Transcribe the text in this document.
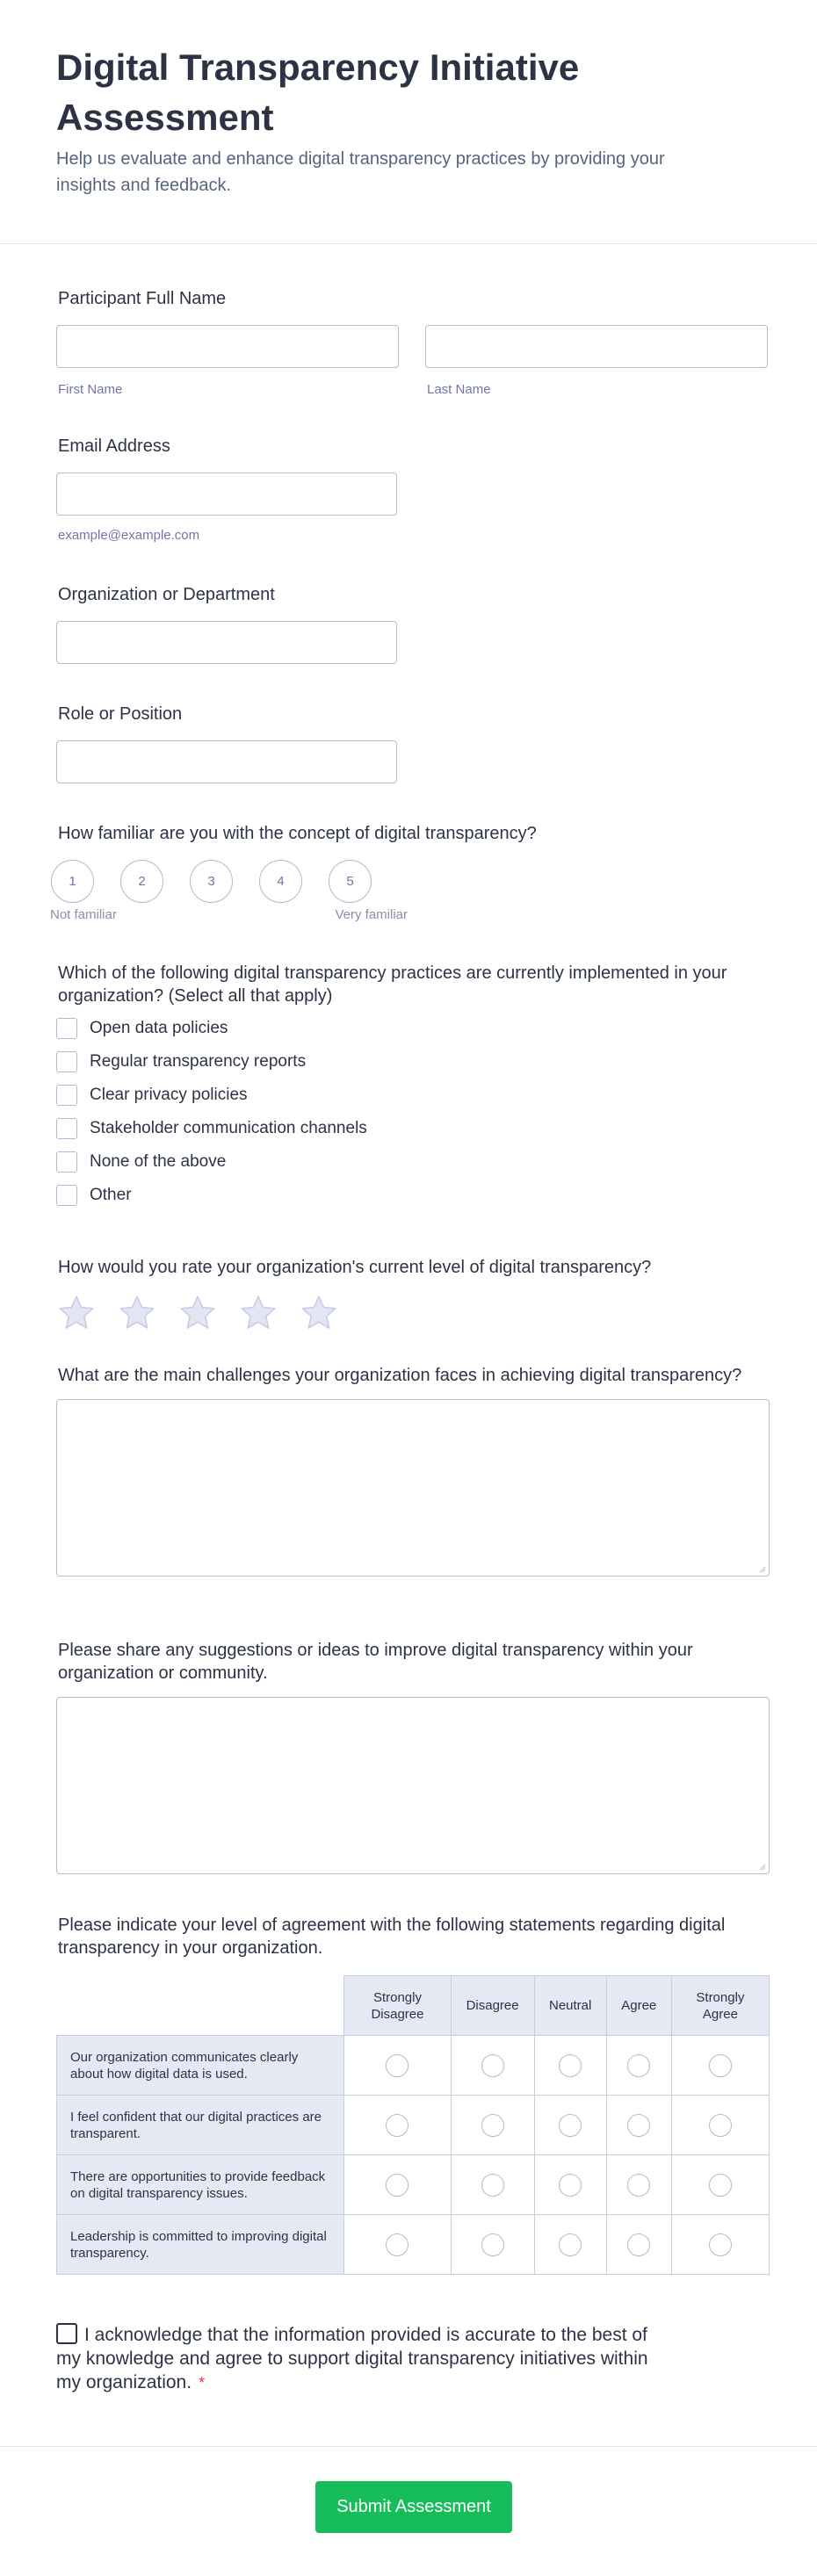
Digital Transparency Initiative Assessment
Help us evaluate and enhance digital transparency practices by providing your insights and feedback.
Participant Full Name
First Name	Last Name
Email Address
example@example.com
Organization or Department
Role or Position
How familiar are you with the concept of digital transparency?
1	2	3	4	5
Not familiar	Very familiar
Which of the following digital transparency practices are currently implemented in your organization? (Select all that apply)
Open data policies
Regular transparency reports
Clear privacy policies
Stakeholder communication channels
None of the above
Other
How would you rate your organization's current level of digital transparency?
What are the main challenges your organization faces in achieving digital transparency?
Please share any suggestions or ideas to improve digital transparency within your organization or community.
Please indicate your level of agreement with the following statements regarding digital transparency in your organization.
	Strongly Disagree	Disagree	Neutral	Agree	Strongly Agree
Our organization communicates clearly about how digital data is used.					
I feel confident that our digital practices are transparent.					
There are opportunities to provide feedback on digital transparency issues.					
Leadership is committed to improving digital transparency.					
I acknowledge that the information provided is accurate to the best of my knowledge and agree to support digital transparency initiatives within my organization. *
Submit Assessment
